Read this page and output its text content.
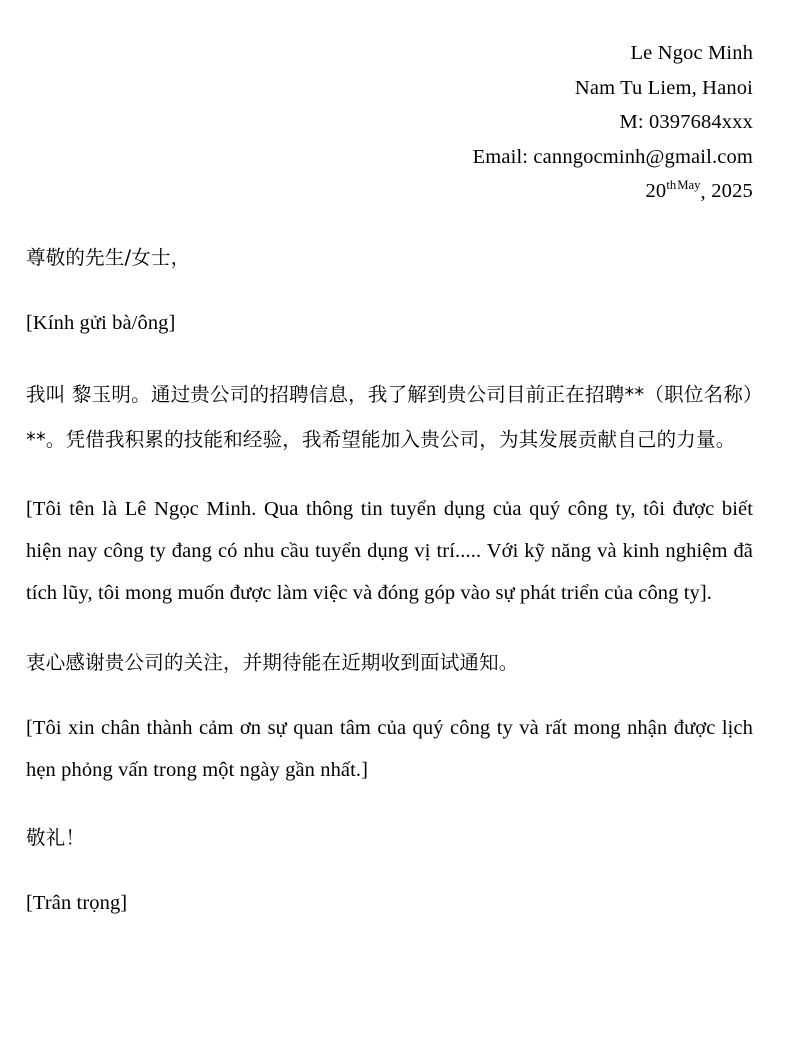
Le Ngoc Minh
Nam Tu Liem, Hanoi
M: 0397684xxx
Email: canngocminh@gmail.com
$20^{thMay}$, 2025

尊敬的先生/女士，

[Kính gửi bà/ông]

我叫 黎玉明。通过贵公司的招聘信息，我了解到贵公司目前正在招聘**（职位名称）**。凭借我积累的技能和经验，我希望能加入贵公司，为其发展贡献自己的力量。

[Tôi tên là Lê Ngọc Minh. Qua thông tin tuyển dụng của quý công ty, tôi được biết hiện nay công ty đang có nhu cầu tuyển dụng vị trí..... Với kỹ năng và kinh nghiệm đã tích lũy, tôi mong muốn được làm việc và đóng góp vào sự phát triển của công ty].

衷心感谢贵公司的关注，并期待能在近期收到面试通知。

[Tôi xin chân thành cảm ơn sự quan tâm của quý công ty và rất mong nhận được lịch hẹn phỏng vấn trong một ngày gần nhất.]

敬礼！

[Trân trọng]
